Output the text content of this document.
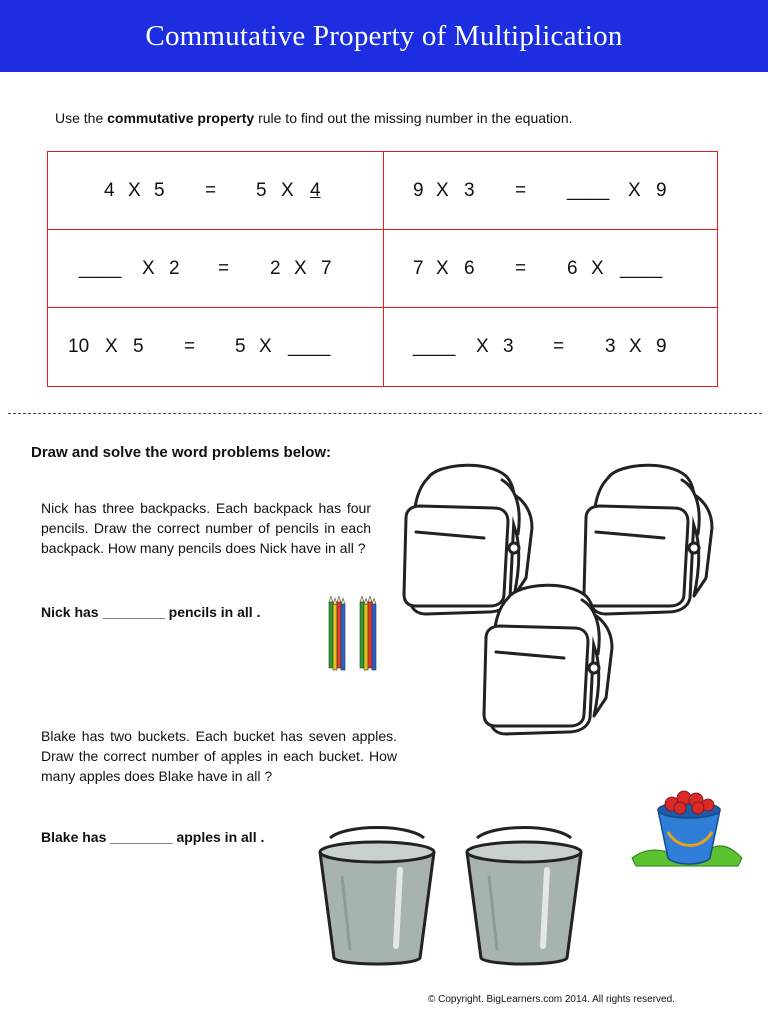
Commutative Property of Multiplication
Use the commutative property rule to find out the missing number in the equation.
4 X 5 = 5 X 4	9 X 3 = ____ X 9
____ X 2 = 2 X 7	7 X 6 = 6 X ____
10 X 5 = 5 X ____	____ X 3 = 3 X 9
Draw and solve the word problems below:
Nick has three backpacks. Each backpack has four pencils. Draw the correct number of pencils in each backpack. How many pencils does Nick have in all ?
Nick has ________ pencils in all .
Blake has two buckets. Each bucket has seven apples. Draw the correct number of apples in each bucket. How many apples does Blake have in all ?
Blake has ________ apples in all .
© Copyright. BigLearners.com 2014. All rights reserved.
